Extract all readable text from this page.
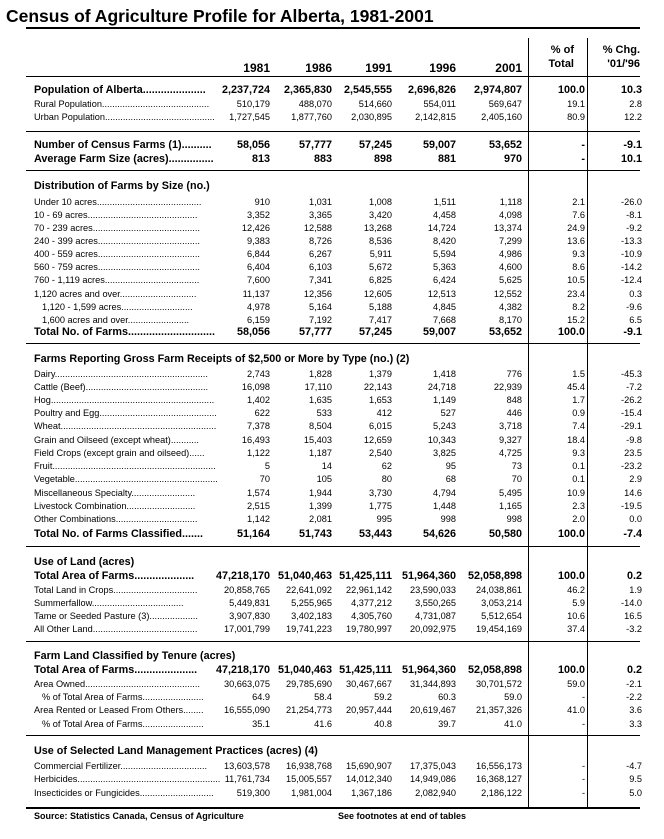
Census of Agriculture Profile for Alberta, 1981-2001
1981	1986	1991	1996	2001
% of
Total
% Chg.
'01/'96
Population of Alberta.....................	2,237,724	2,365,830	2,545,555	2,696,826	2,974,807	100.0	10.3
Rural Population..........................................	510,179	488,070	514,660	554,011	569,647	19.1	2.8
Urban Population...........................................	1,727,545	1,877,760	2,030,895	2,142,815	2,405,160	80.9	12.2
Number of Census Farms (1)..........	58,056	57,777	57,245	59,007	53,652	-	-9.1
Average Farm Size (acres)...............	813	883	898	881	970	-	10.1
Distribution of Farms by Size (no.)
Under 10 acres.........................................	910	1,031	1,008	1,511	1,118	2.1	-26.0
10 - 69 acres...........................................	3,352	3,365	3,420	4,458	4,098	7.6	-8.1
70 - 239 acres..........................................	12,426	12,588	13,268	14,724	13,374	24.9	-9.2
240 - 399 acres........................................	9,383	8,726	8,536	8,420	7,299	13.6	-13.3
400 - 559 acres........................................	6,844	6,267	5,911	5,594	4,986	9.3	-10.9
560 - 759 acres........................................	6,404	6,103	5,672	5,363	4,600	8.6	-14.2
760 - 1,119 acres.....................................	7,600	7,341	6,825	6,424	5,625	10.5	-12.4
1,120 acres and over..............................	11,137	12,356	12,605	12,513	12,552	23.4	0.3
1,120 - 1,599 acres............................	4,978	5,164	5,188	4,845	4,382	8.2	-9.6
1,600 acres and over........................	6,159	7,192	7,417	7,668	8,170	15.2	6.5
Total No. of Farms.............................	58,056	57,777	57,245	59,007	53,652	100.0	-9.1
Farms Reporting Gross Farm Receipts of $2,500 or More by Type (no.) (2)
Dairy............................................................	2,743	1,828	1,379	1,418	776	1.5	-45.3
Cattle (Beef)................................................	16,098	17,110	22,143	24,718	22,939	45.4	-7.2
Hog................................................................	1,402	1,635	1,653	1,149	848	1.7	-26.2
Poultry and Egg..............................................	622	533	412	527	446	0.9	-15.4
Wheat.............................................................	7,378	8,504	6,015	5,243	3,718	7.4	-29.1
Grain and Oilseed (except wheat)...........	16,493	15,403	12,659	10,343	9,327	18.4	-9.8
Field Crops (except grain and oilseed)......	1,122	1,187	2,540	3,825	4,725	9.3	23.5
Fruit................................................................	5	14	62	95	73	0.1	-23.2
Vegetable........................................................	70	105	80	68	70	0.1	2.9
Miscellaneous Specialty.........................	1,574	1,944	3,730	4,794	5,495	10.9	14.6
Livestock Combination...........................	2,515	1,399	1,775	1,448	1,165	2.3	-19.5
Other Combinations................................	1,142	2,081	995	998	998	2.0	0.0
Total No. of Farms Classified.......	51,164	51,743	53,443	54,626	50,580	100.0	-7.4
Use of Land (acres)
Total Area of Farms....................	47,218,170 51,040,463 51,425,111 51,964,360	52,058,898	100.0	0.2
Total Land in Crops.................................	20,858,765	22,641,092	22,961,142	23,590,033	24,038,861	46.2	1.9
Summerfallow....................................	5,449,831	5,255,965	4,377,212	3,550,265	3,053,214	5.9	-14.0
Tame or Seeded Pasture (3)...................	3,907,830	3,402,183	4,305,760	4,731,087	5,512,654	10.6	16.5
All Other Land.........................................	17,001,799	19,741,223	19,780,997	20,092,975	19,454,169	37.4	-3.2
Farm Land Classified by Tenure (acres)
Total Area of Farms.....................	47,218,170 51,040,463 51,425,111 51,964,360	52,058,898	100.0	0.2
Area Owned.............................................	30,663,075	29,785,690	30,467,667	31,344,893	30,701,572	59.0	-2.1
% of Total Area of Farms........................	64.9	58.4	59.2	60.3	59.0	-	-2.2
Area Rented or Leased From Others........	16,555,090	21,254,773	20,957,444	20,619,467	21,357,326	41.0	3.6
% of Total Area of Farms........................	35.1	41.6	40.8	39.7	41.0	-	3.3
Use of Selected Land Management Practices (acres) (4)
Commercial Fertilizer..................................	13,603,578	16,938,768	15,690,907	17,375,043	16,556,173	-	-4.7
Herbicides........................................................ 11,761,734	15,005,557	14,012,340	14,949,086	16,368,127	-	9.5
Insecticides or Fungicides.............................	519,300	1,981,004	1,367,186	2,082,940	2,186,122	-	5.0
Source: Statistics Canada, Census of Agriculture	See footnotes at end of tables
